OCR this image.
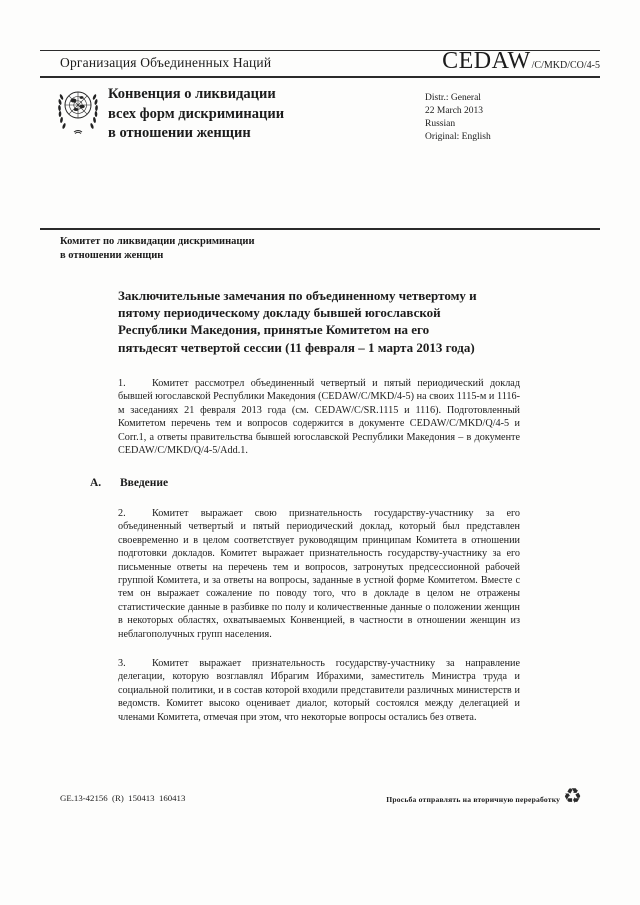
Организация Объединенных Наций	CEDAW /C/MKD/CO/4-5
Конвенция о ликвидации
всех форм дискриминации
в отношении женщин
Distr.: General
22 March 2013
Russian
Original: English
Комитет по ликвидации дискриминации
в отношении женщин
Заключительные замечания по объединенному четвертому и пятому периодическому докладу бывшей югославской Республики Македония, принятые Комитетом на его пятьдесят четвертой сессии (11 февраля – 1 марта 2013 года)
1.	Комитет рассмотрел объединенный четвертый и пятый периодический доклад бывшей югославской Республики Македония (CEDAW/C/MKD/4-5) на своих 1115-м и 1116-м заседаниях 21 февраля 2013 года (см. CEDAW/C/SR.1115 и 1116). Подготовленный Комитетом перечень тем и вопросов содержится в документе CEDAW/C/MKD/Q/4-5 и Corr.1, а ответы правительства бывшей югославской Республики Македония – в документе CEDAW/C/MKD/Q/4-5/Add.1.
A. Введение
2.	Комитет выражает свою признательность государству-участнику за его объединенный четвертый и пятый периодический доклад, который был представлен своевременно и в целом соответствует руководящим принципам Комитета в отношении подготовки докладов. Комитет выражает признательность государству-участнику за его письменные ответы на перечень тем и вопросов, затронутых предсессионной рабочей группой Комитета, и за ответы на вопросы, заданные в устной форме Комитетом. Вместе с тем он выражает сожаление по поводу того, что в докладе в целом не отражены статистические данные в разбивке по полу и количественные данные о положении женщин в некоторых областях, охватываемых Конвенцией, в частности в отношении женщин из неблагополучных групп населения.
3.	Комитет выражает признательность государству-участнику за направление делегации, которую возглавлял Ибрагим Ибрахими, заместитель Министра труда и социальной политики, и в состав которой входили представители различных министерств и ведомств. Комитет высоко оценивает диалог, который состоялся между делегацией и членами Комитета, отмечая при этом, что некоторые вопросы остались без ответа.
GE.13-42156  (R)  150413  160413	Просьба отправлять на вторичную переработку ♻
